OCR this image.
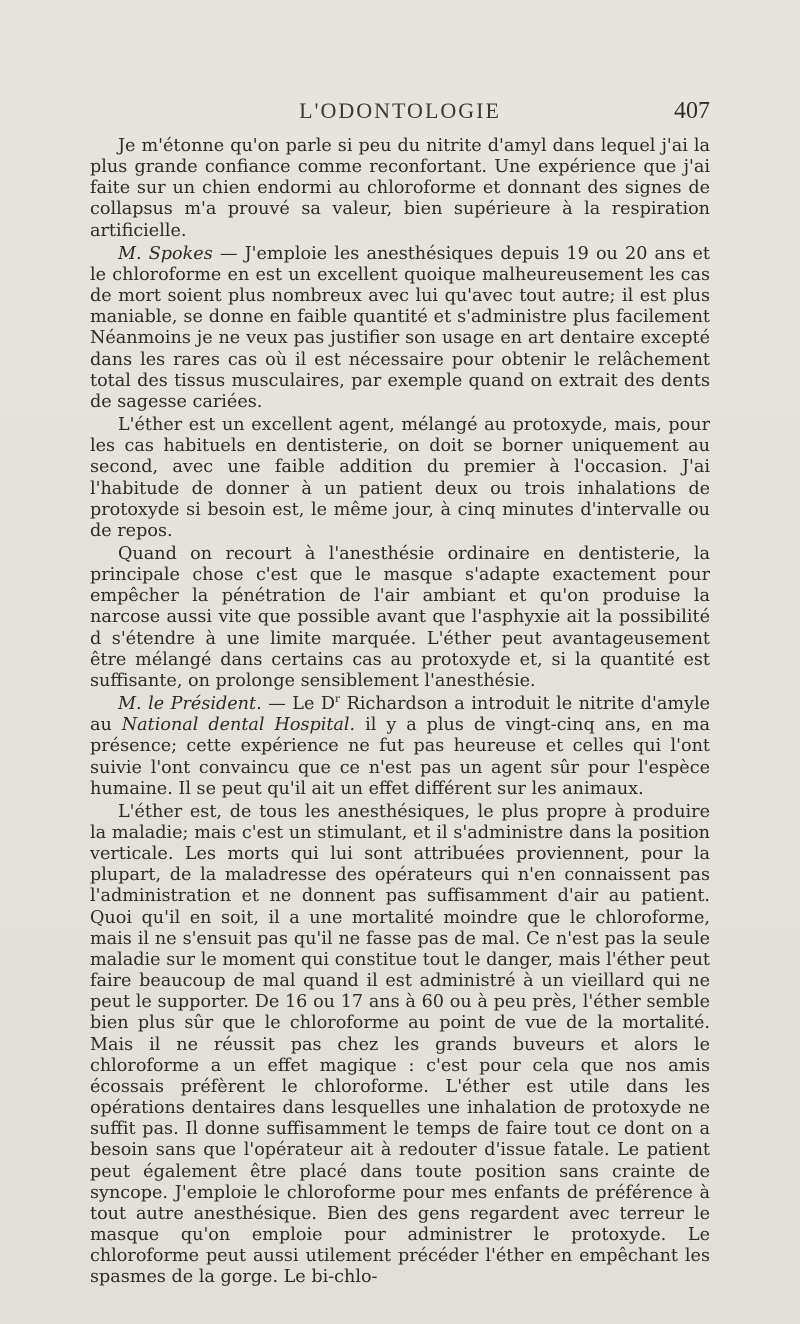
L'ODONTOLOGIE	407

Je m'étonne qu'on parle si peu du nitrite d'amyl dans lequel j'ai la plus grande confiance comme reconfortant. Une expérience que j'ai faite sur un chien endormi au chloroforme et donnant des signes de collapsus m'a prouvé sa valeur, bien supérieure à la respiration artificielle.

M. Spokes — J'emploie les anesthésiques depuis 19 ou 20 ans et le chloroforme en est un excellent quoique malheureusement les cas de mort soient plus nombreux avec lui qu'avec tout autre; il est plus maniable, se donne en faible quantité et s'administre plus facilement Néanmoins je ne veux pas justifier son usage en art dentaire excepté dans les rares cas où il est nécessaire pour obtenir le relâchement total des tissus musculaires, par exemple quand on extrait des dents de sagesse cariées.

L'éther est un excellent agent, mélangé au protoxyde, mais, pour les cas habituels en dentisterie, on doit se borner uniquement au second, avec une faible addition du premier à l'occasion. J'ai l'habitude de donner à un patient deux ou trois inhalations de protoxyde si besoin est, le même jour, à cinq minutes d'intervalle ou de repos.

Quand on recourt à l'anesthésie ordinaire en dentisterie, la principale chose c'est que le masque s'adapte exactement pour empêcher la pénétration de l'air ambiant et qu'on produise la narcose aussi vite que possible avant que l'asphyxie ait la possibilité d s'étendre à une limite marquée. L'éther peut avantageusement être mélangé dans certains cas au protoxyde et, si la quantité est suffisante, on prolonge sensiblement l'anesthésie.

M. le Président. — Le $D^r$ Richardson a introduit le nitrite d'amyle au National dental Hospital. il y a plus de vingt-cinq ans, en ma présence; cette expérience ne fut pas heureuse et celles qui l'ont suivie l'ont convaincu que ce n'est pas un agent sûr pour l'espèce humaine. Il se peut qu'il ait un effet différent sur les animaux.

L'éther est, de tous les anesthésiques, le plus propre à produire la maladie; mais c'est un stimulant, et il s'administre dans la position verticale. Les morts qui lui sont attribuées proviennent, pour la plupart, de la maladresse des opérateurs qui n'en connaissent pas l'administration et ne donnent pas suffisamment d'air au patient. Quoi qu'il en soit, il a une mortalité moindre que le chloroforme, mais il ne s'ensuit pas qu'il ne fasse pas de mal. Ce n'est pas la seule maladie sur le moment qui constitue tout le danger, mais l'éther peut faire beaucoup de mal quand il est administré à un vieillard qui ne peut le supporter. De 16 ou 17 ans à 60 ou à peu près, l'éther semble bien plus sûr que le chloroforme au point de vue de la mortalité. Mais il ne réussit pas chez les grands buveurs et alors le chloroforme a un effet magique : c'est pour cela que nos amis écossais préfèrent le chloroforme. L'éther est utile dans les opérations dentaires dans lesquelles une inhalation de protoxyde ne suffit pas. Il donne suffisamment le temps de faire tout ce dont on a besoin sans que l'opérateur ait à redouter d'issue fatale. Le patient peut également être placé dans toute position sans crainte de syncope. J'emploie le chloroforme pour mes enfants de préférence à tout autre anesthésique. Bien des gens regardent avec terreur le masque qu'on emploie pour administrer le protoxyde. Le chloroforme peut aussi utilement précéder l'éther en empêchant les spasmes de la gorge. Le bi-chlo-
